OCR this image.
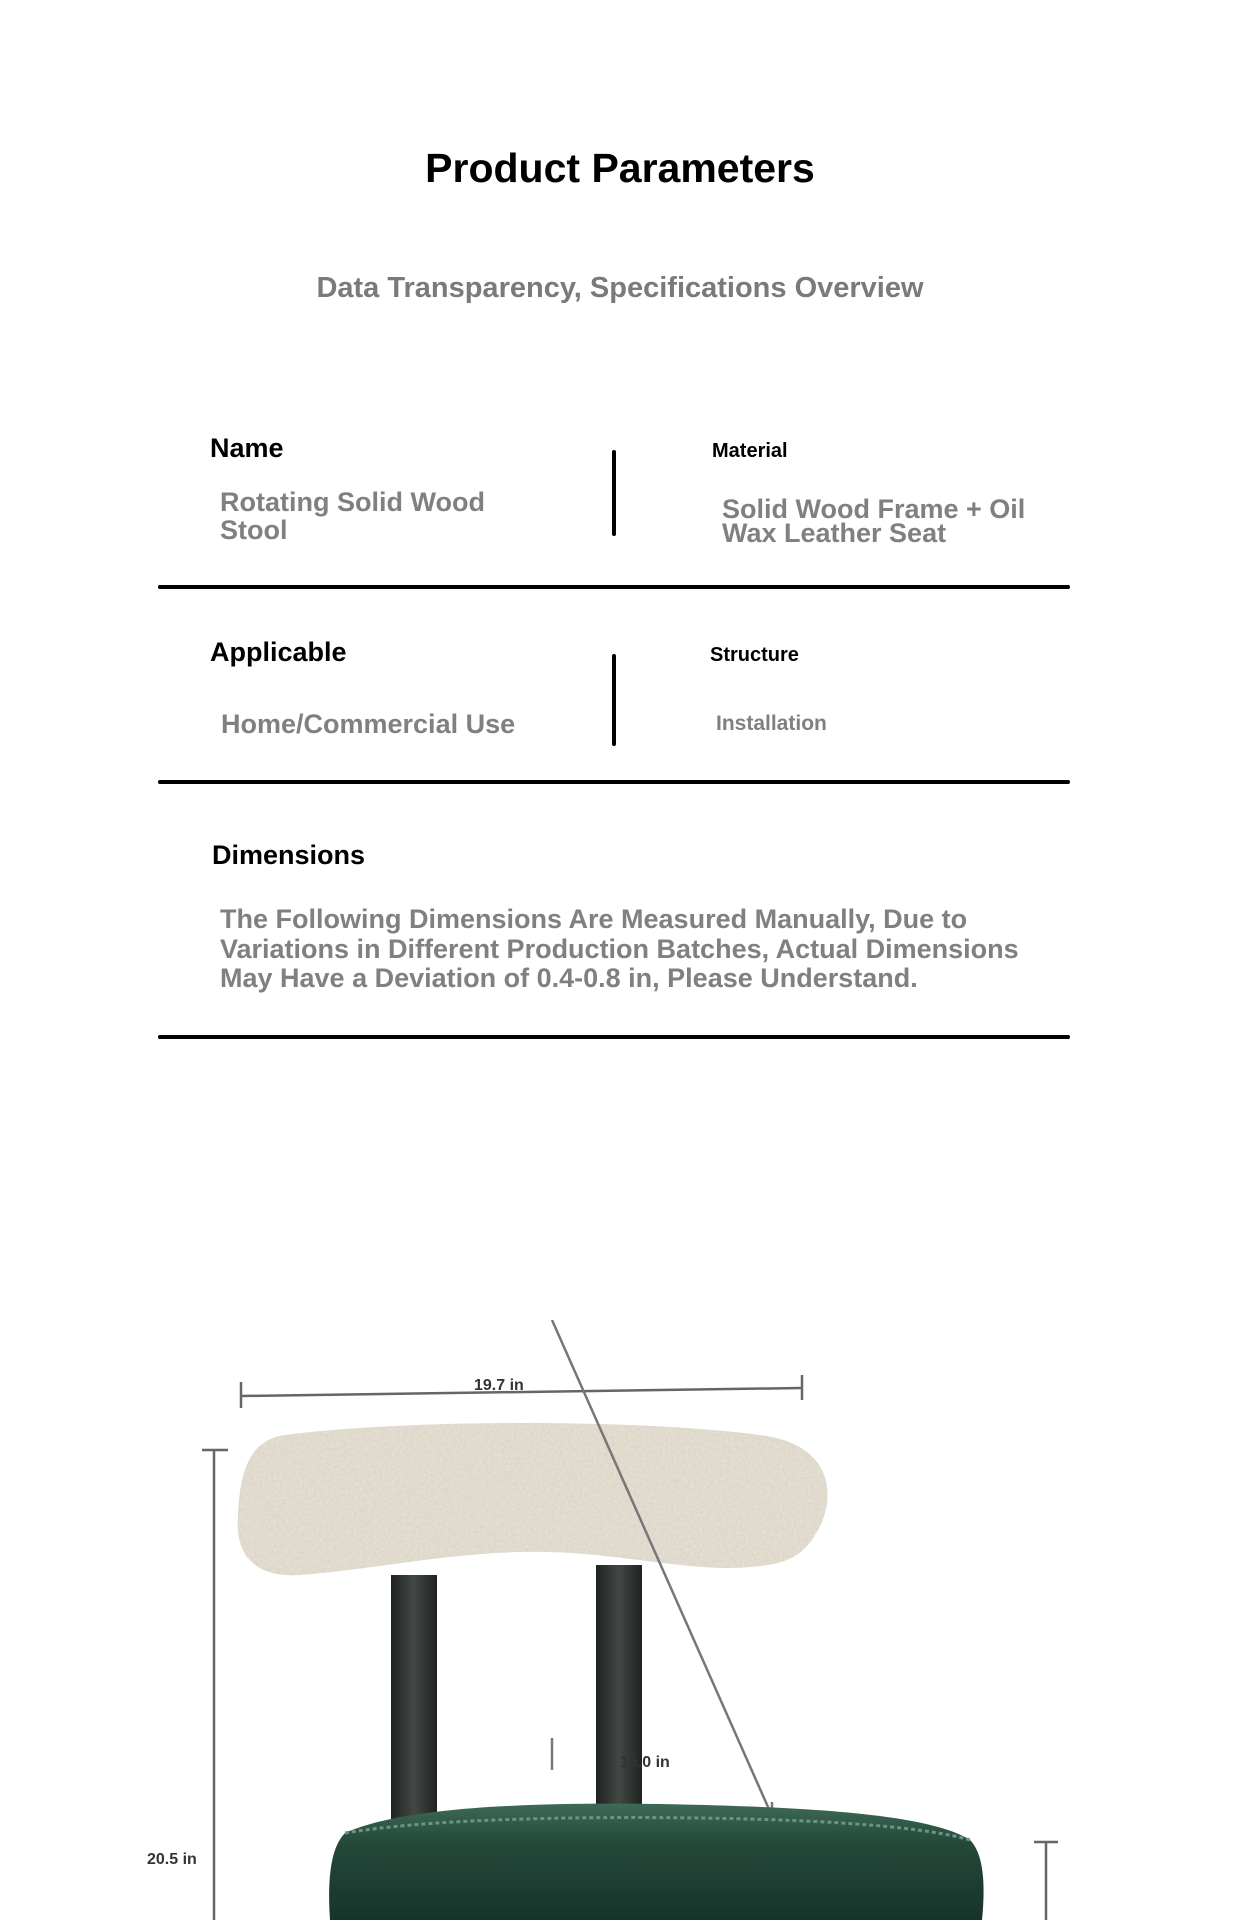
Product Parameters
Data Transparency, Specifications Overview
Name
Rotating Solid Wood Stool
Material
Solid Wood Frame + Oil Wax Leather Seat
Applicable
Home/Commercial Use
Structure
Installation
Dimensions
The Following Dimensions Are Measured Manually, Due to Variations in Different Production Batches, Actual Dimensions May Have a Deviation of 0.4-0.8 in, Please Understand.
19.7 in
15.0 in
20.5 in
